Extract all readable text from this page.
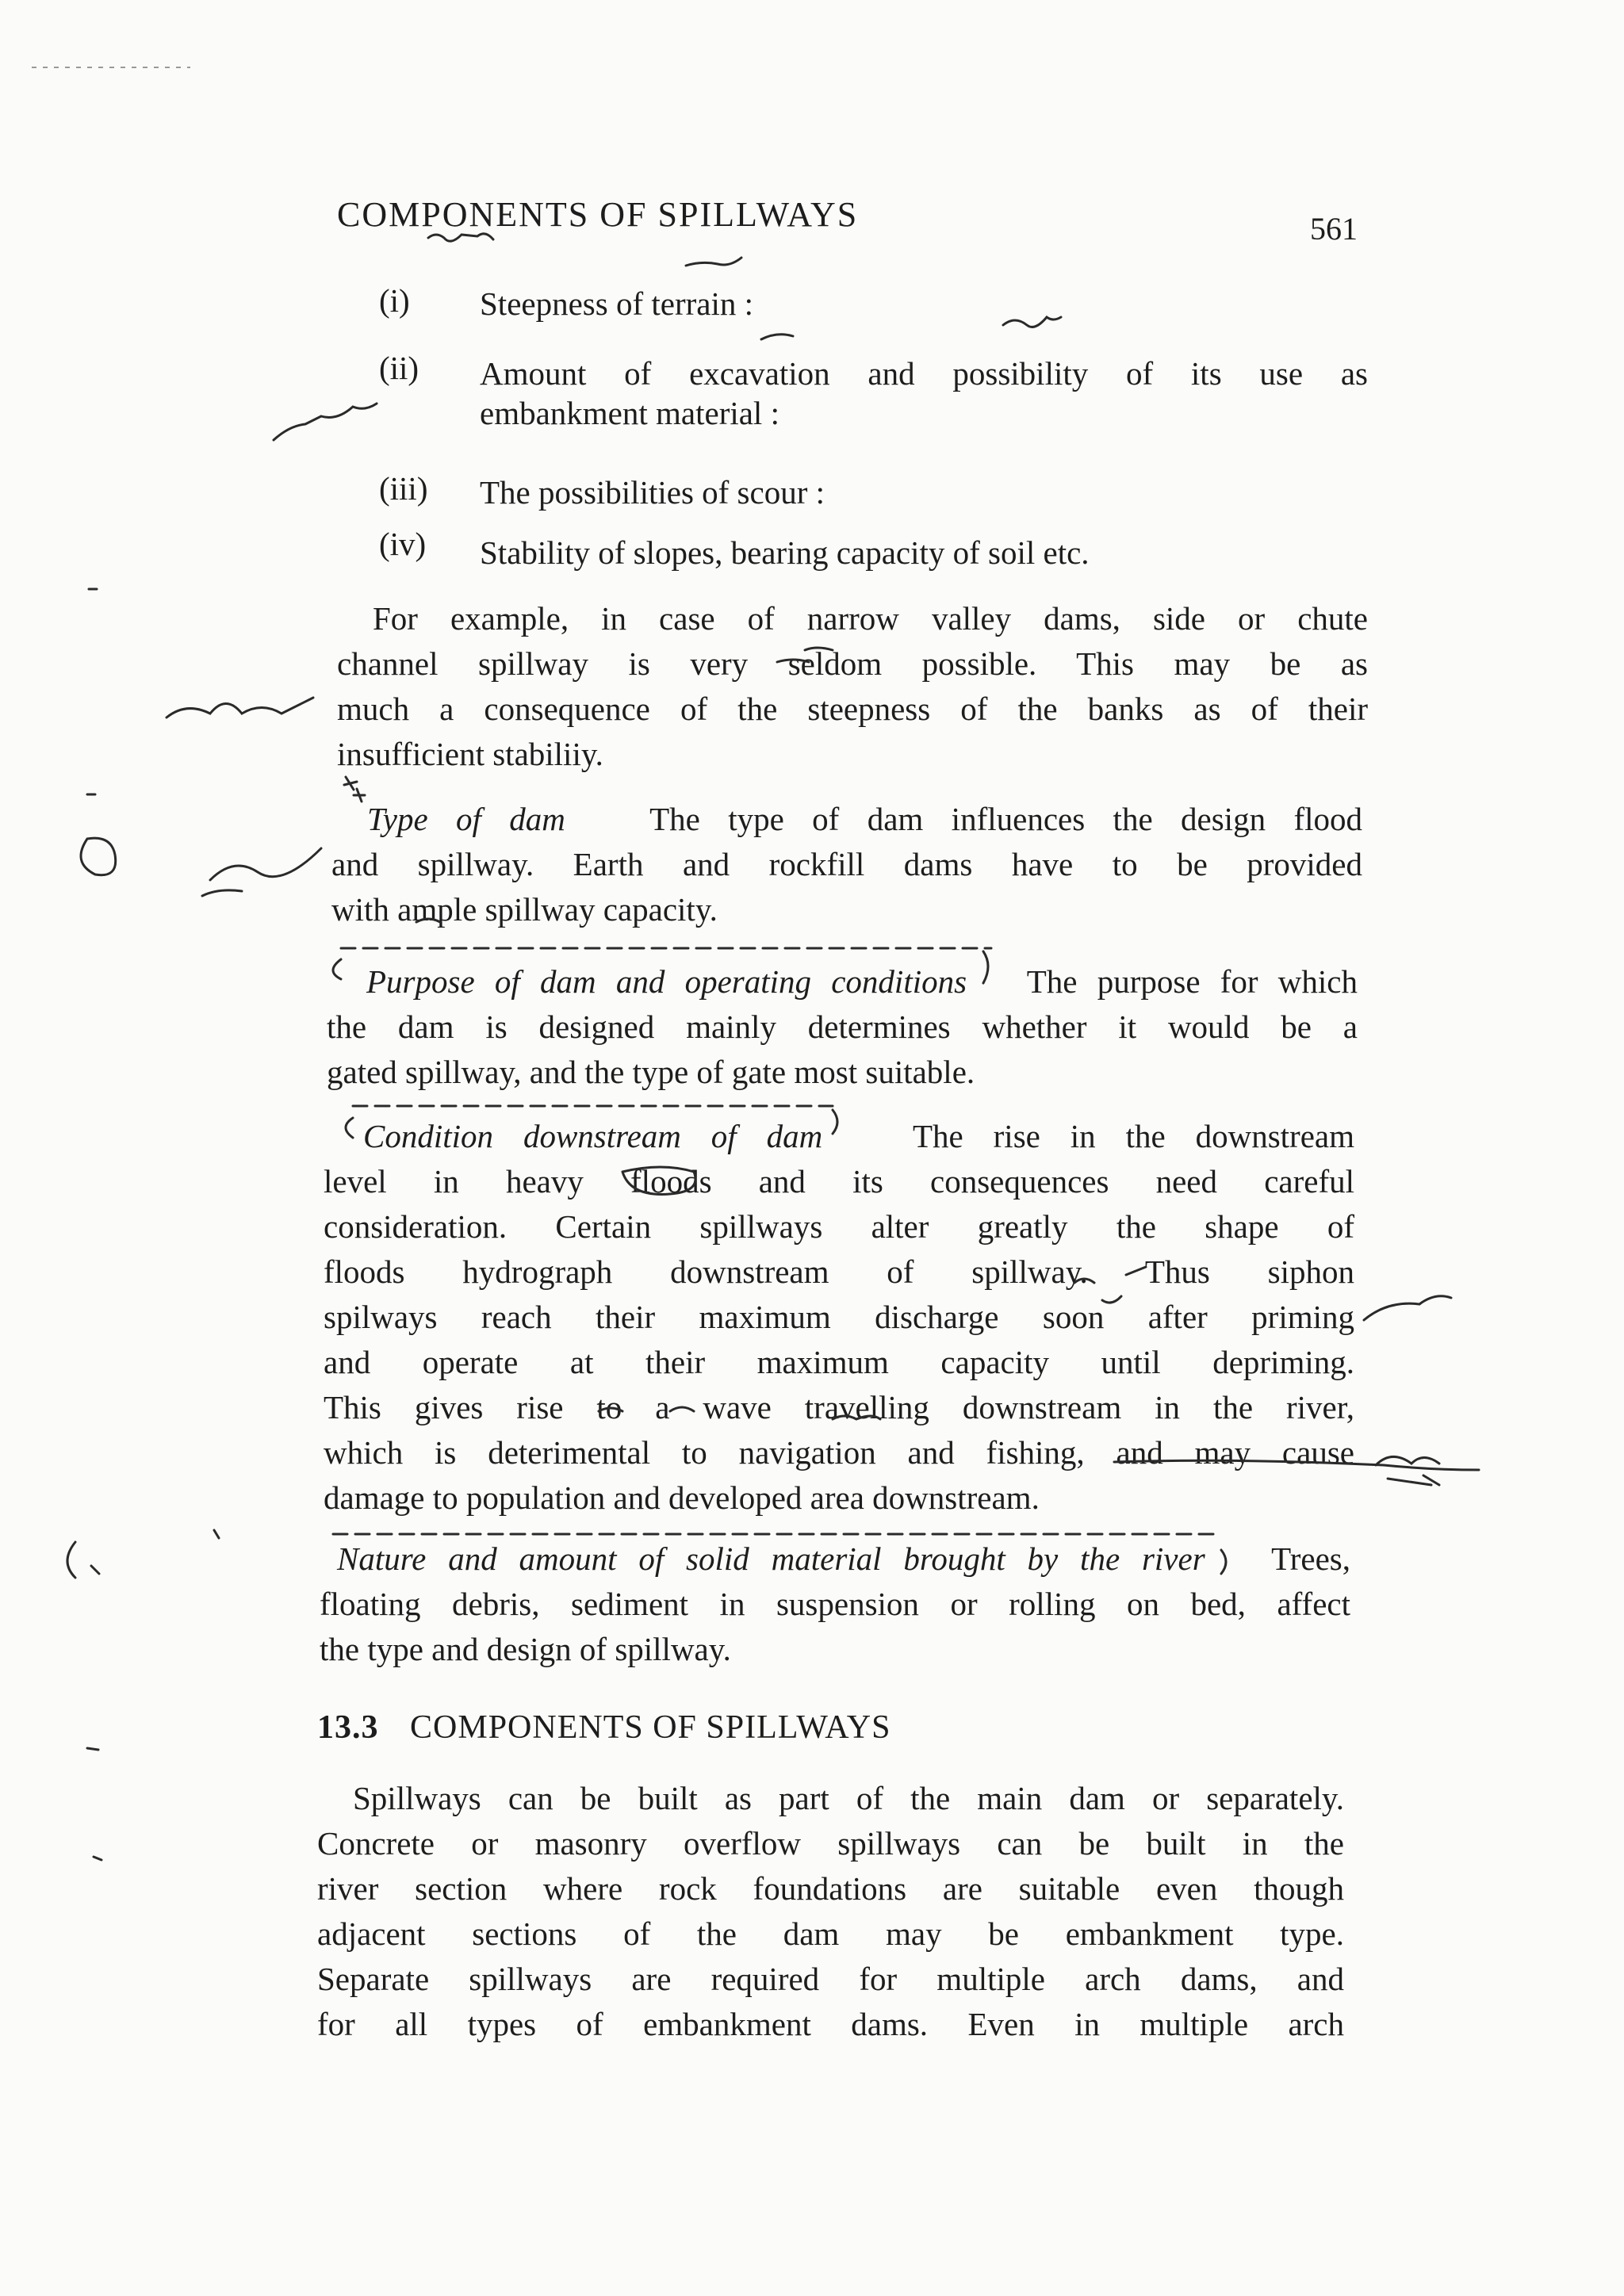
COMPONENTS OF SPILLWAYS	561
(i) Steepness of terrain :
(ii) Amount of excavation and possibility of its use as
embankment material :
(iii) The possibilities of scour :
(iv) Stability of slopes, bearing capacity of soil etc.
For example, in case of narrow valley dams, side or chute
channel spillway is very seldom possible. This may be as
much a consequence of the steepness of the banks as of their
insufficient stabiliiy.
Type of dam	The type of dam influences the design flood
and spillway. Earth and rockfill dams have to be provided
with ample spillway capacity.
Purpose of dam and operating conditions The purpose for which
the dam is designed mainly determines whether it would be a
gated spillway, and the type of gate most suitable.
Condition downstream of dam	The rise in the downstream
level in heavy floods and its consequences need careful
consideration. Certain spillways alter greatly the shape of
floods hydrograph downstream of spillway. Thus siphon
spilways reach their maximum discharge soon after priming
and operate at their maximum capacity until depriming.
This gives rise to a wave travelling downstream in the river,
which is deterimental to navigation and fishing, and may cause
damage to population and developed area downstream.
Nature and amount of solid material brought by the river Trees,
floating debris, sediment in suspension or rolling on bed, affect
the type and design of spillway.
13.3 COMPONENTS OF SPILLWAYS
Spillways can be built as part of the main dam or separately.
Concrete or masonry overflow spillways can be built in the
river section where rock foundations are suitable even though
adjacent sections of the dam may be embankment type.
Separate spillways are required for multiple arch dams, and
for all types of embankment dams. Even in multiple arch
